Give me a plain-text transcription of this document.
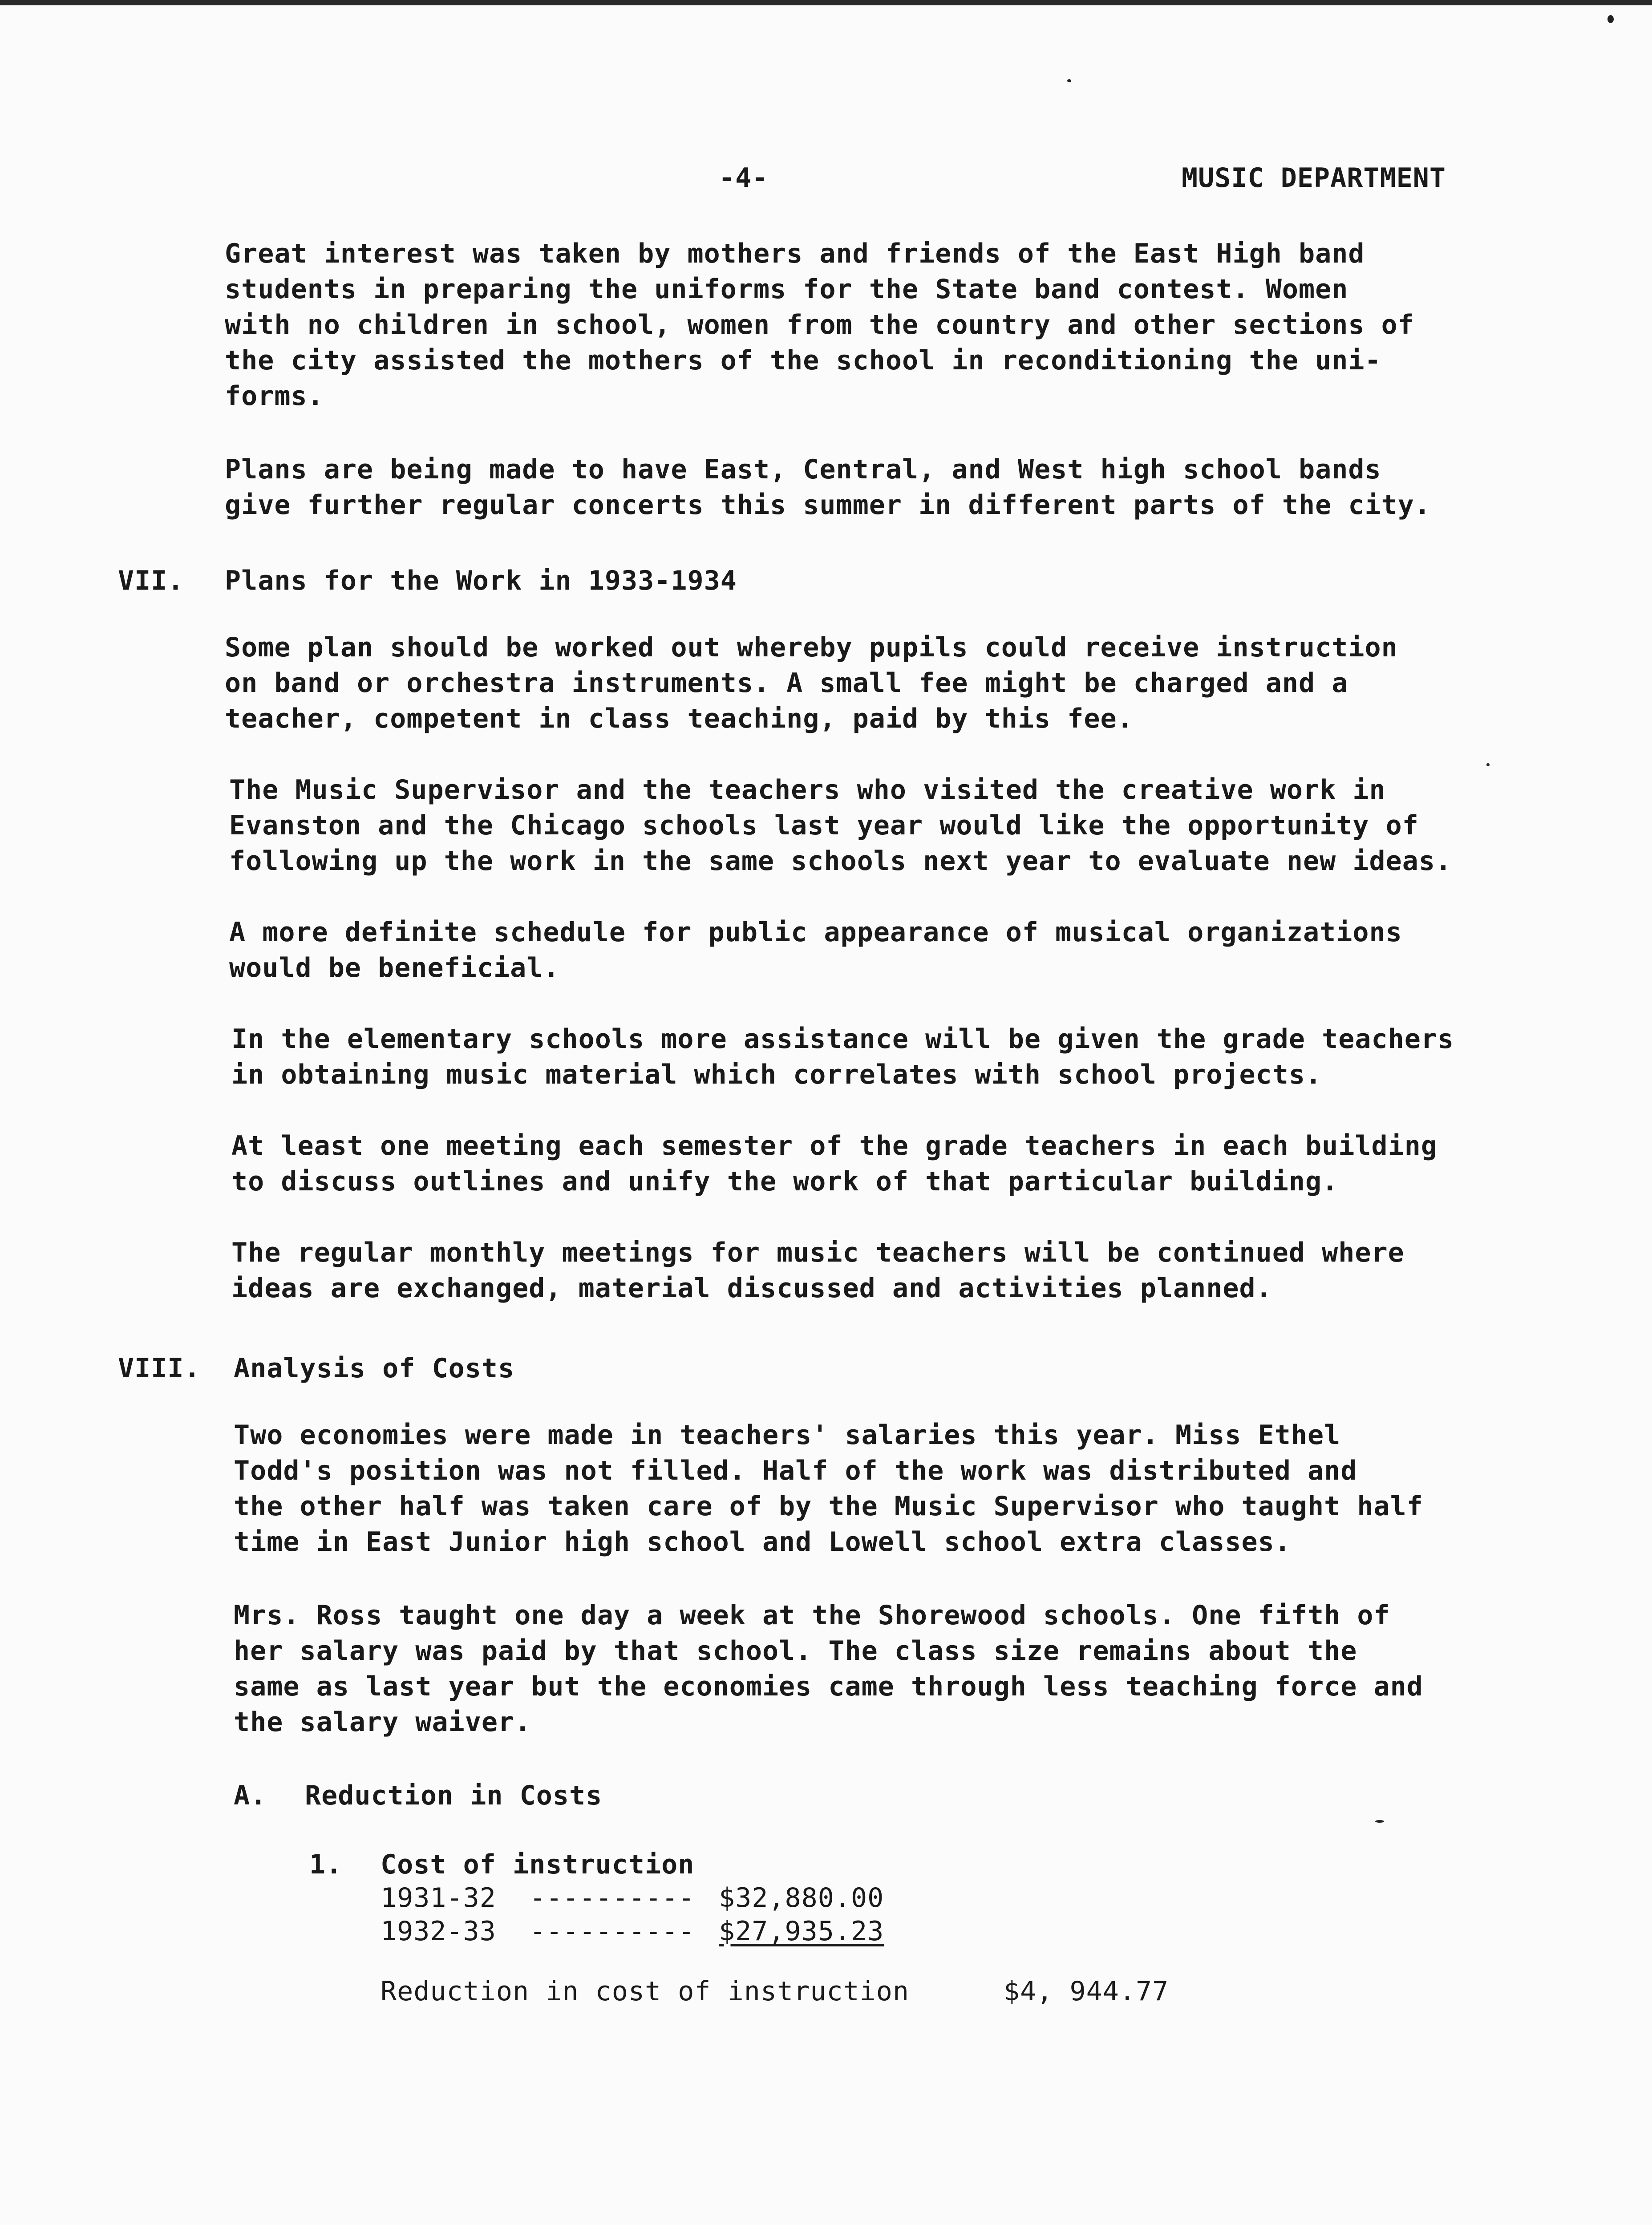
-4-	MUSIC DEPARTMENT

Great interest was taken by mothers and friends of the East High band

students in preparing the uniforms for the State band contest. Women

with no children in school, women from the country and other sections of

the city assisted the mothers of the school in reconditioning the uni-

forms.

Plans are being made to have East, Central, and West high school bands

give further regular concerts this summer in different parts of the city.

VII. Plans for the Work in 1933-1934

Some plan should be worked out whereby pupils could receive instruction

on band or orchestra instruments. A small fee might be charged and a

teacher, competent in class teaching, paid by this fee.

The Music Supervisor and the teachers who visited the creative work in

Evanston and the Chicago schools last year would like the opportunity of

following up the work in the same schools next year to evaluate new ideas.

A more definite schedule for public appearance of musical organizations

would be beneficial.

In the elementary schools more assistance will be given the grade teachers

in obtaining music material which correlates with school projects.

At least one meeting each semester of the grade teachers in each building

to discuss outlines and unify the work of that particular building.

The regular monthly meetings for music teachers will be continued where

ideas are exchanged, material discussed and activities planned.

VIII. Analysis of Costs

Two economies were made in teachers' salaries this year. Miss Ethel

Todd's position was not filled. Half of the work was distributed and

the other half was taken care of by the Music Supervisor who taught half

time in East Junior high school and Lowell school extra classes.

Mrs. Ross taught one day a week at the Shorewood schools. One fifth of

her salary was paid by that school. The class size remains about the

same as last year but the economies came through less teaching force and

the salary waiver.

A. Reduction in Costs

1. Cost of instruction

1931-32 ---------- $32,880.00

1932-33 ---------- $27,935.23

Reduction in cost of instruction	$4, 944.77
